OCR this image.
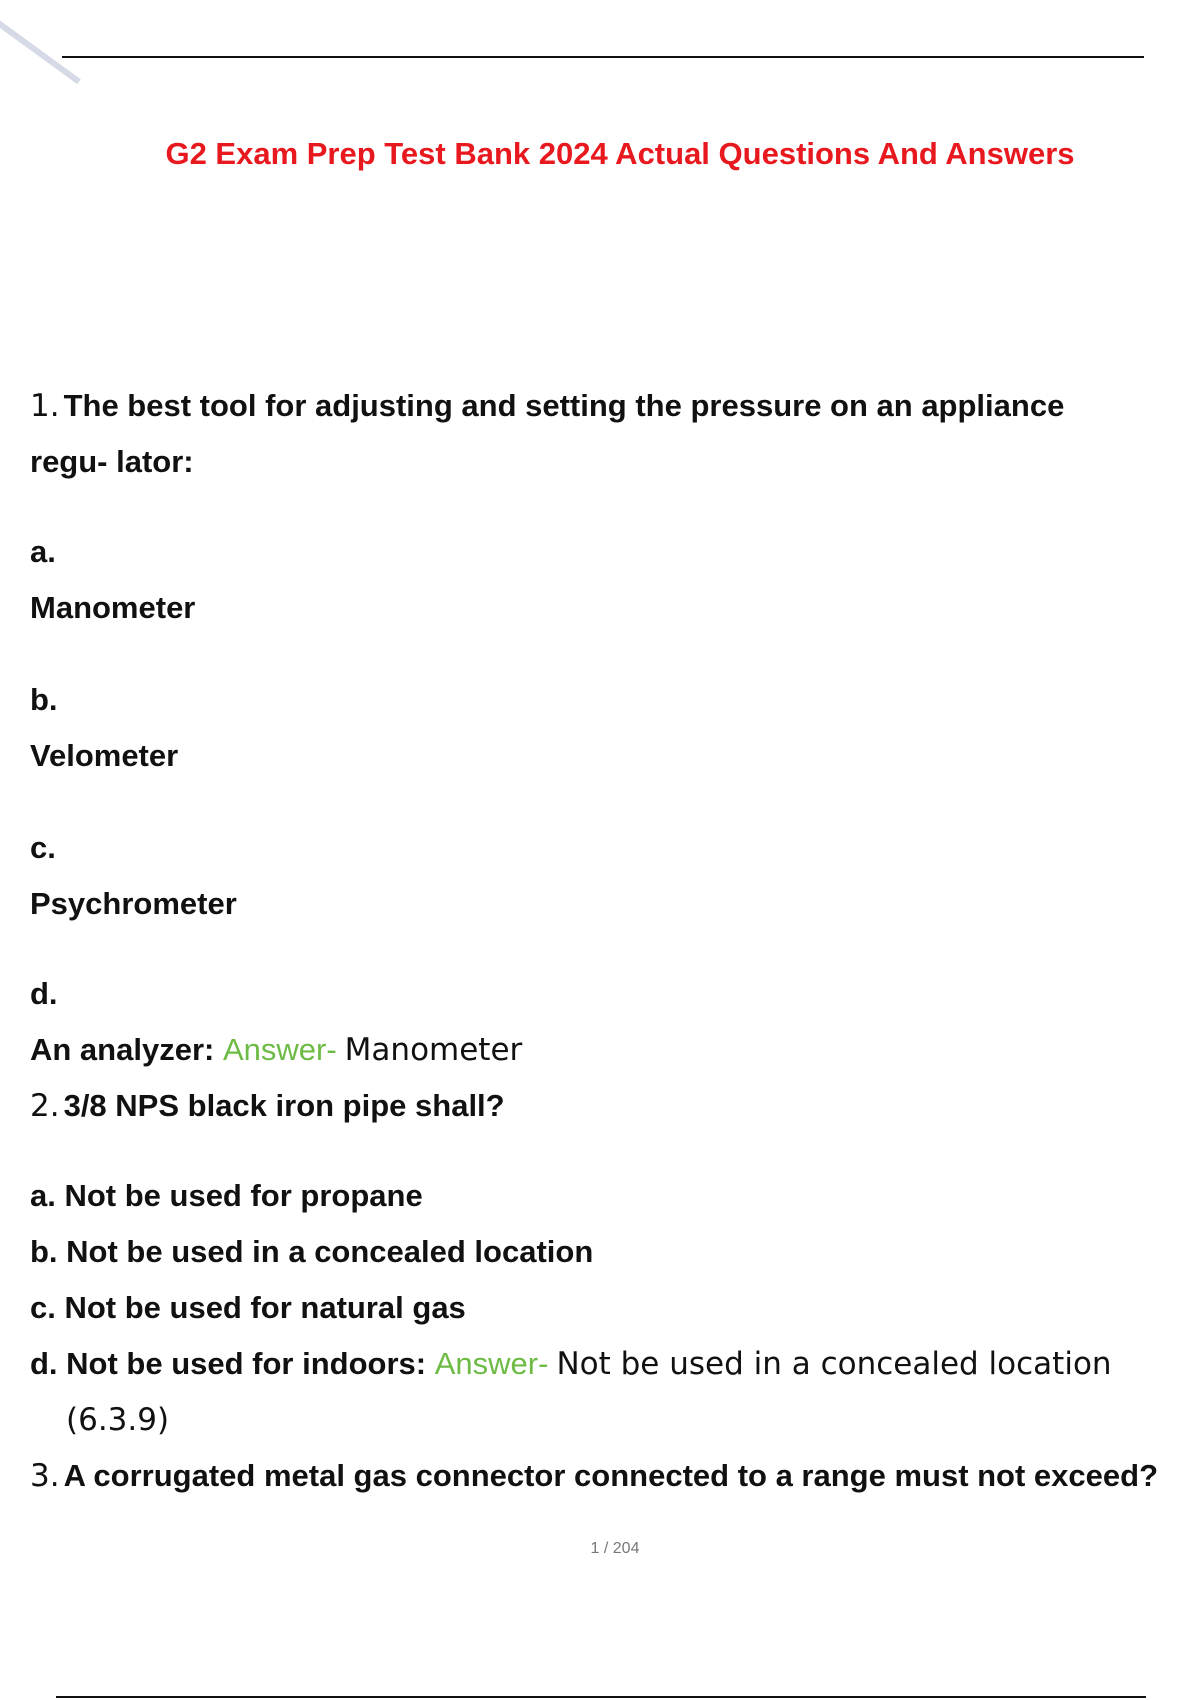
G2 Exam Prep Test Bank 2024 Actual Questions And Answers
1. The best tool for adjusting and setting the pressure on an appliance
regu- lator:
a.
Manometer
b.
Velometer
c.
Psychrometer
d.
An analyzer: Answer- Manometer
2. 3/8 NPS black iron pipe shall?
a. Not be used for propane
b. Not be used in a concealed location
c. Not be used for natural gas
d. Not be used for indoors: Answer- Not be used in a concealed location
(6.3.9)
3. A corrugated metal gas connector connected to a range must not exceed?
1 / 204
